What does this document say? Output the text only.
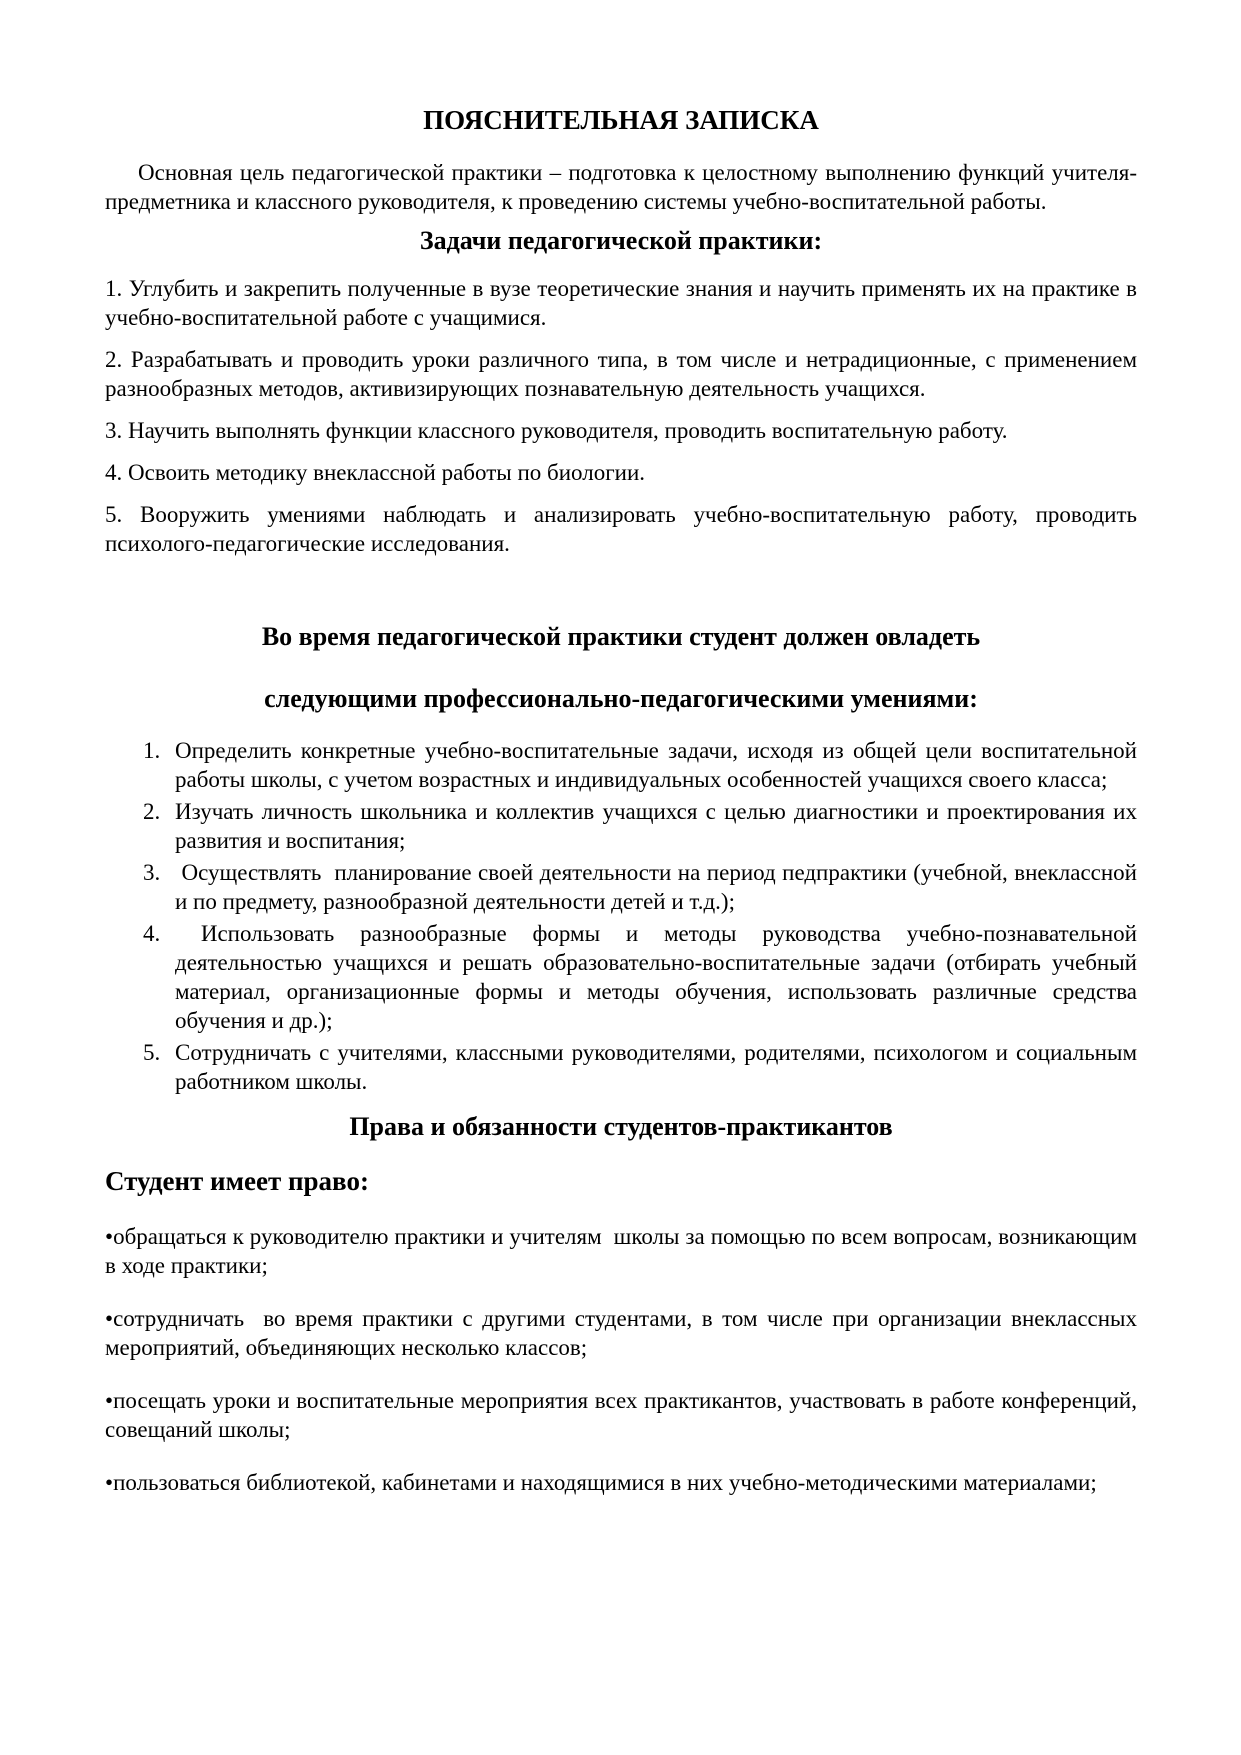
ПОЯСНИТЕЛЬНАЯ ЗАПИСКА

Основная цель педагогической практики – подготовка к целостному выполнению функций учителя-предметника и классного руководителя, к проведению системы учебно-воспитательной работы.

Задачи педагогической практики:

1. Углубить и закрепить полученные в вузе теоретические знания и научить применять их на практике в учебно-воспитательной работе с учащимися.

2. Разрабатывать и проводить уроки различного типа, в том числе и нетрадиционные, с применением разнообразных методов, активизирующих познавательную деятельность учащихся.

3. Научить выполнять функции классного руководителя, проводить воспитательную работу.

4. Освоить методику внеклассной работы по биологии.

5. Вооружить умениями наблюдать и анализировать учебно-воспитательную работу, проводить психолого-педагогические исследования.

Во время педагогической практики студент должен овладеть
следующими профессионально-педагогическими умениями:
1. Определить конкретные учебно-воспитательные задачи, исходя из общей цели воспитательной работы школы, с учетом возрастных и индивидуальных особенностей учащихся своего класса;
2. Изучать личность школьника и коллектив учащихся с целью диагностики и проектирования их развития и воспитания;
3. Осуществлять  планирование своей деятельности на период педпрактики (учебной, внеклассной и по предмету, разнообразной деятельности детей и т.д.);
4. Использовать разнообразные формы и методы руководства учебно-познавательной деятельностью учащихся и решать образовательно-воспитательные задачи (отбирать учебный материал, организационные формы и методы обучения, использовать различные средства обучения и др.);
5. Сотрудничать с учителями, классными руководителями, родителями, психологом и социальным работником школы.
Права и обязанности студентов-практикантов
Студент имеет право:

•обращаться к руководителю практики и учителям  школы за помощью по всем вопросам, возникающим в ходе практики;

•сотрудничать  во время практики с другими студентами, в том числе при организации внеклассных мероприятий, объединяющих несколько классов;

•посещать уроки и воспитательные мероприятия всех практикантов, участвовать в работе конференций, совещаний школы;

•пользоваться библиотекой, кабинетами и находящимися в них учебно-методическими материалами;
